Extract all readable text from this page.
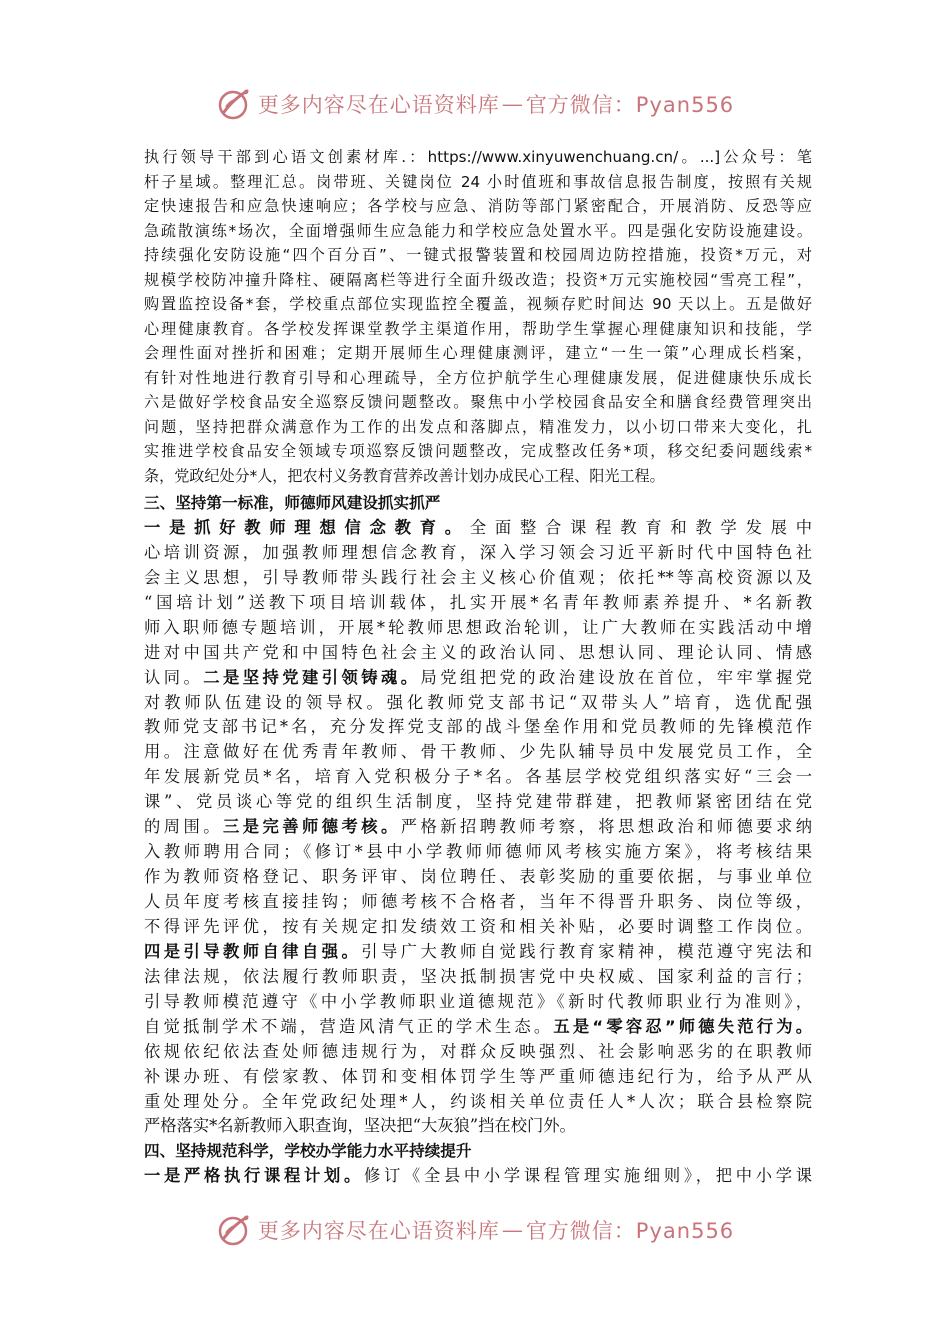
更多内容尽在心语资料库 — 官方微信：Pyan556
执行领导干部到心语文创素材库.：https://www.xinyuwenchuang.cn/。...]公众号：笔
杆子星域。整理汇总。岗带班、关键岗位 24 小时值班和事故信息报告制度，按照有关规
定快速报告和应急快速响应；各学校与应急、消防等部门紧密配合，开展消防、反恐等应
急疏散演练*场次，全面增强师生应急能力和学校应急处置水平。四是强化安防设施建设。
持续强化安防设施“四个百分百”、一键式报警装置和校园周边防控措施，投资*万元，对
规模学校防冲撞升降柱、硬隔离栏等进行全面升级改造；投资*万元实施校园“雪亮工程”，
购置监控设备*套，学校重点部位实现监控全覆盖，视频存贮时间达 90 天以上。五是做好
心理健康教育。各学校发挥课堂教学主渠道作用，帮助学生掌握心理健康知识和技能，学
会理性面对挫折和困难；定期开展师生心理健康测评，建立“一生一策”心理成长档案，
有针对性地进行教育引导和心理疏导，全方位护航学生心理健康发展，促进健康快乐成长
六是做好学校食品安全巡察反馈问题整改。聚焦中小学校园食品安全和膳食经费管理突出
问题，坚持把群众满意作为工作的出发点和落脚点，精准发力，以小切口带来大变化，扎
实推进学校食品安全领域专项巡察反馈问题整改，完成整改任务*项，移交纪委问题线索*
条，党政纪处分*人，把农村义务教育营养改善计划办成民心工程、阳光工程。
三、坚持第一标准，师德师风建设抓实抓严
一是抓好教师理想信念教育。全面整合课程教育和教学发展中
心培训资源，加强教师理想信念教育，深入学习领会习近平新时代中国特色社
会主义思想，引导教师带头践行社会主义核心价值观；依托**等高校资源以及
“国培计划”送教下项目培训载体，扎实开展*名青年教师素养提升、*名新教
师入职师德专题培训，开展*轮教师思想政治轮训，让广大教师在实践活动中增
进对中国共产党和中国特色社会主义的政治认同、思想认同、理论认同、情感
认同。二是坚持党建引领铸魂。局党组把党的政治建设放在首位，牢牢掌握党
对教师队伍建设的领导权。强化教师党支部书记“双带头人”培育，选优配强
教师党支部书记*名，充分发挥党支部的战斗堡垒作用和党员教师的先锋模范作
用。注意做好在优秀青年教师、骨干教师、少先队辅导员中发展党员工作，全
年发展新党员*名，培育入党积极分子*名。各基层学校党组织落实好“三会一
课”、党员谈心等党的组织生活制度，坚持党建带群建，把教师紧密团结在党
的周围。三是完善师德考核。严格新招聘教师考察，将思想政治和师德要求纳
入教师聘用合同；《修订*县中小学教师师德师风考核实施方案》，将考核结果
作为教师资格登记、职务评审、岗位聘任、表彰奖励的重要依据，与事业单位
人员年度考核直接挂钩；师德考核不合格者，当年不得晋升职务、岗位等级，
不得评先评优，按有关规定扣发绩效工资和相关补贴，必要时调整工作岗位。
四是引导教师自律自强。引导广大教师自觉践行教育家精神，模范遵守宪法和
法律法规，依法履行教师职责，坚决抵制损害党中央权威、国家利益的言行；
引导教师模范遵守《中小学教师职业道德规范》《新时代教师职业行为准则》，
自觉抵制学术不端，营造风清气正的学术生态。五是“零容忍”师德失范行为。
依规依纪依法查处师德违规行为，对群众反映强烈、社会影响恶劣的在职教师
补课办班、有偿家教、体罚和变相体罚学生等严重师德违纪行为，给予从严从
重处理处分。全年党政纪处理*人，约谈相关单位责任人*人次；联合县检察院
严格落实*名新教师入职查询，坚决把“大灰狼”挡在校门外。
四、坚持规范科学，学校办学能力水平持续提升
一是严格执行课程计划。修订《全县中小学课程管理实施细则》，把中小学课
更多内容尽在心语资料库 — 官方微信：Pyan556
